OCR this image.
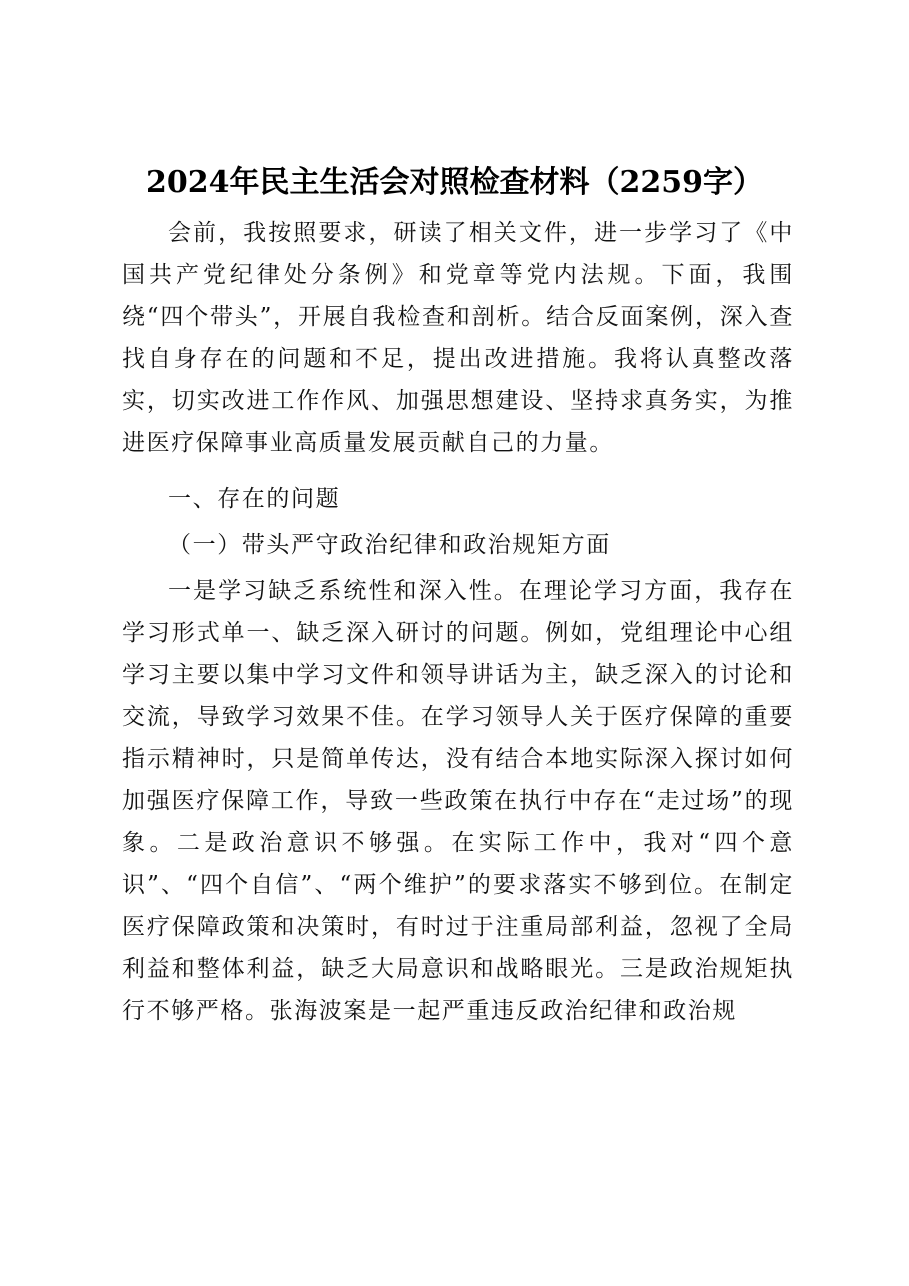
2024年民主生活会对照检查材料（2259字）

会前，我按照要求，研读了相关文件，进一步学习了《中国共产党纪律处分条例》和党章等党内法规。下面，我围绕“四个带头”，开展自我检查和剖析。结合反面案例，深入查找自身存在的问题和不足，提出改进措施。我将认真整改落实，切实改进工作作风、加强思想建设、坚持求真务实，为推进医疗保障事业高质量发展贡献自己的力量。

一、存在的问题

（一）带头严守政治纪律和政治规矩方面

一是学习缺乏系统性和深入性。在理论学习方面，我存在学习形式单一、缺乏深入研讨的问题。例如，党组理论中心组学习主要以集中学习文件和领导讲话为主，缺乏深入的讨论和交流，导致学习效果不佳。在学习领导人关于医疗保障的重要指示精神时，只是简单传达，没有结合本地实际深入探讨如何加强医疗保障工作，导致一些政策在执行中存在“走过场”的现象。二是政治意识不够强。在实际工作中，我对“四个意识”、“四个自信”、“两个维护”的要求落实不够到位。在制定医疗保障政策和决策时，有时过于注重局部利益，忽视了全局利益和整体利益，缺乏大局意识和战略眼光。三是政治规矩执行不够严格。张海波案是一起严重违反政治纪律和政治规
